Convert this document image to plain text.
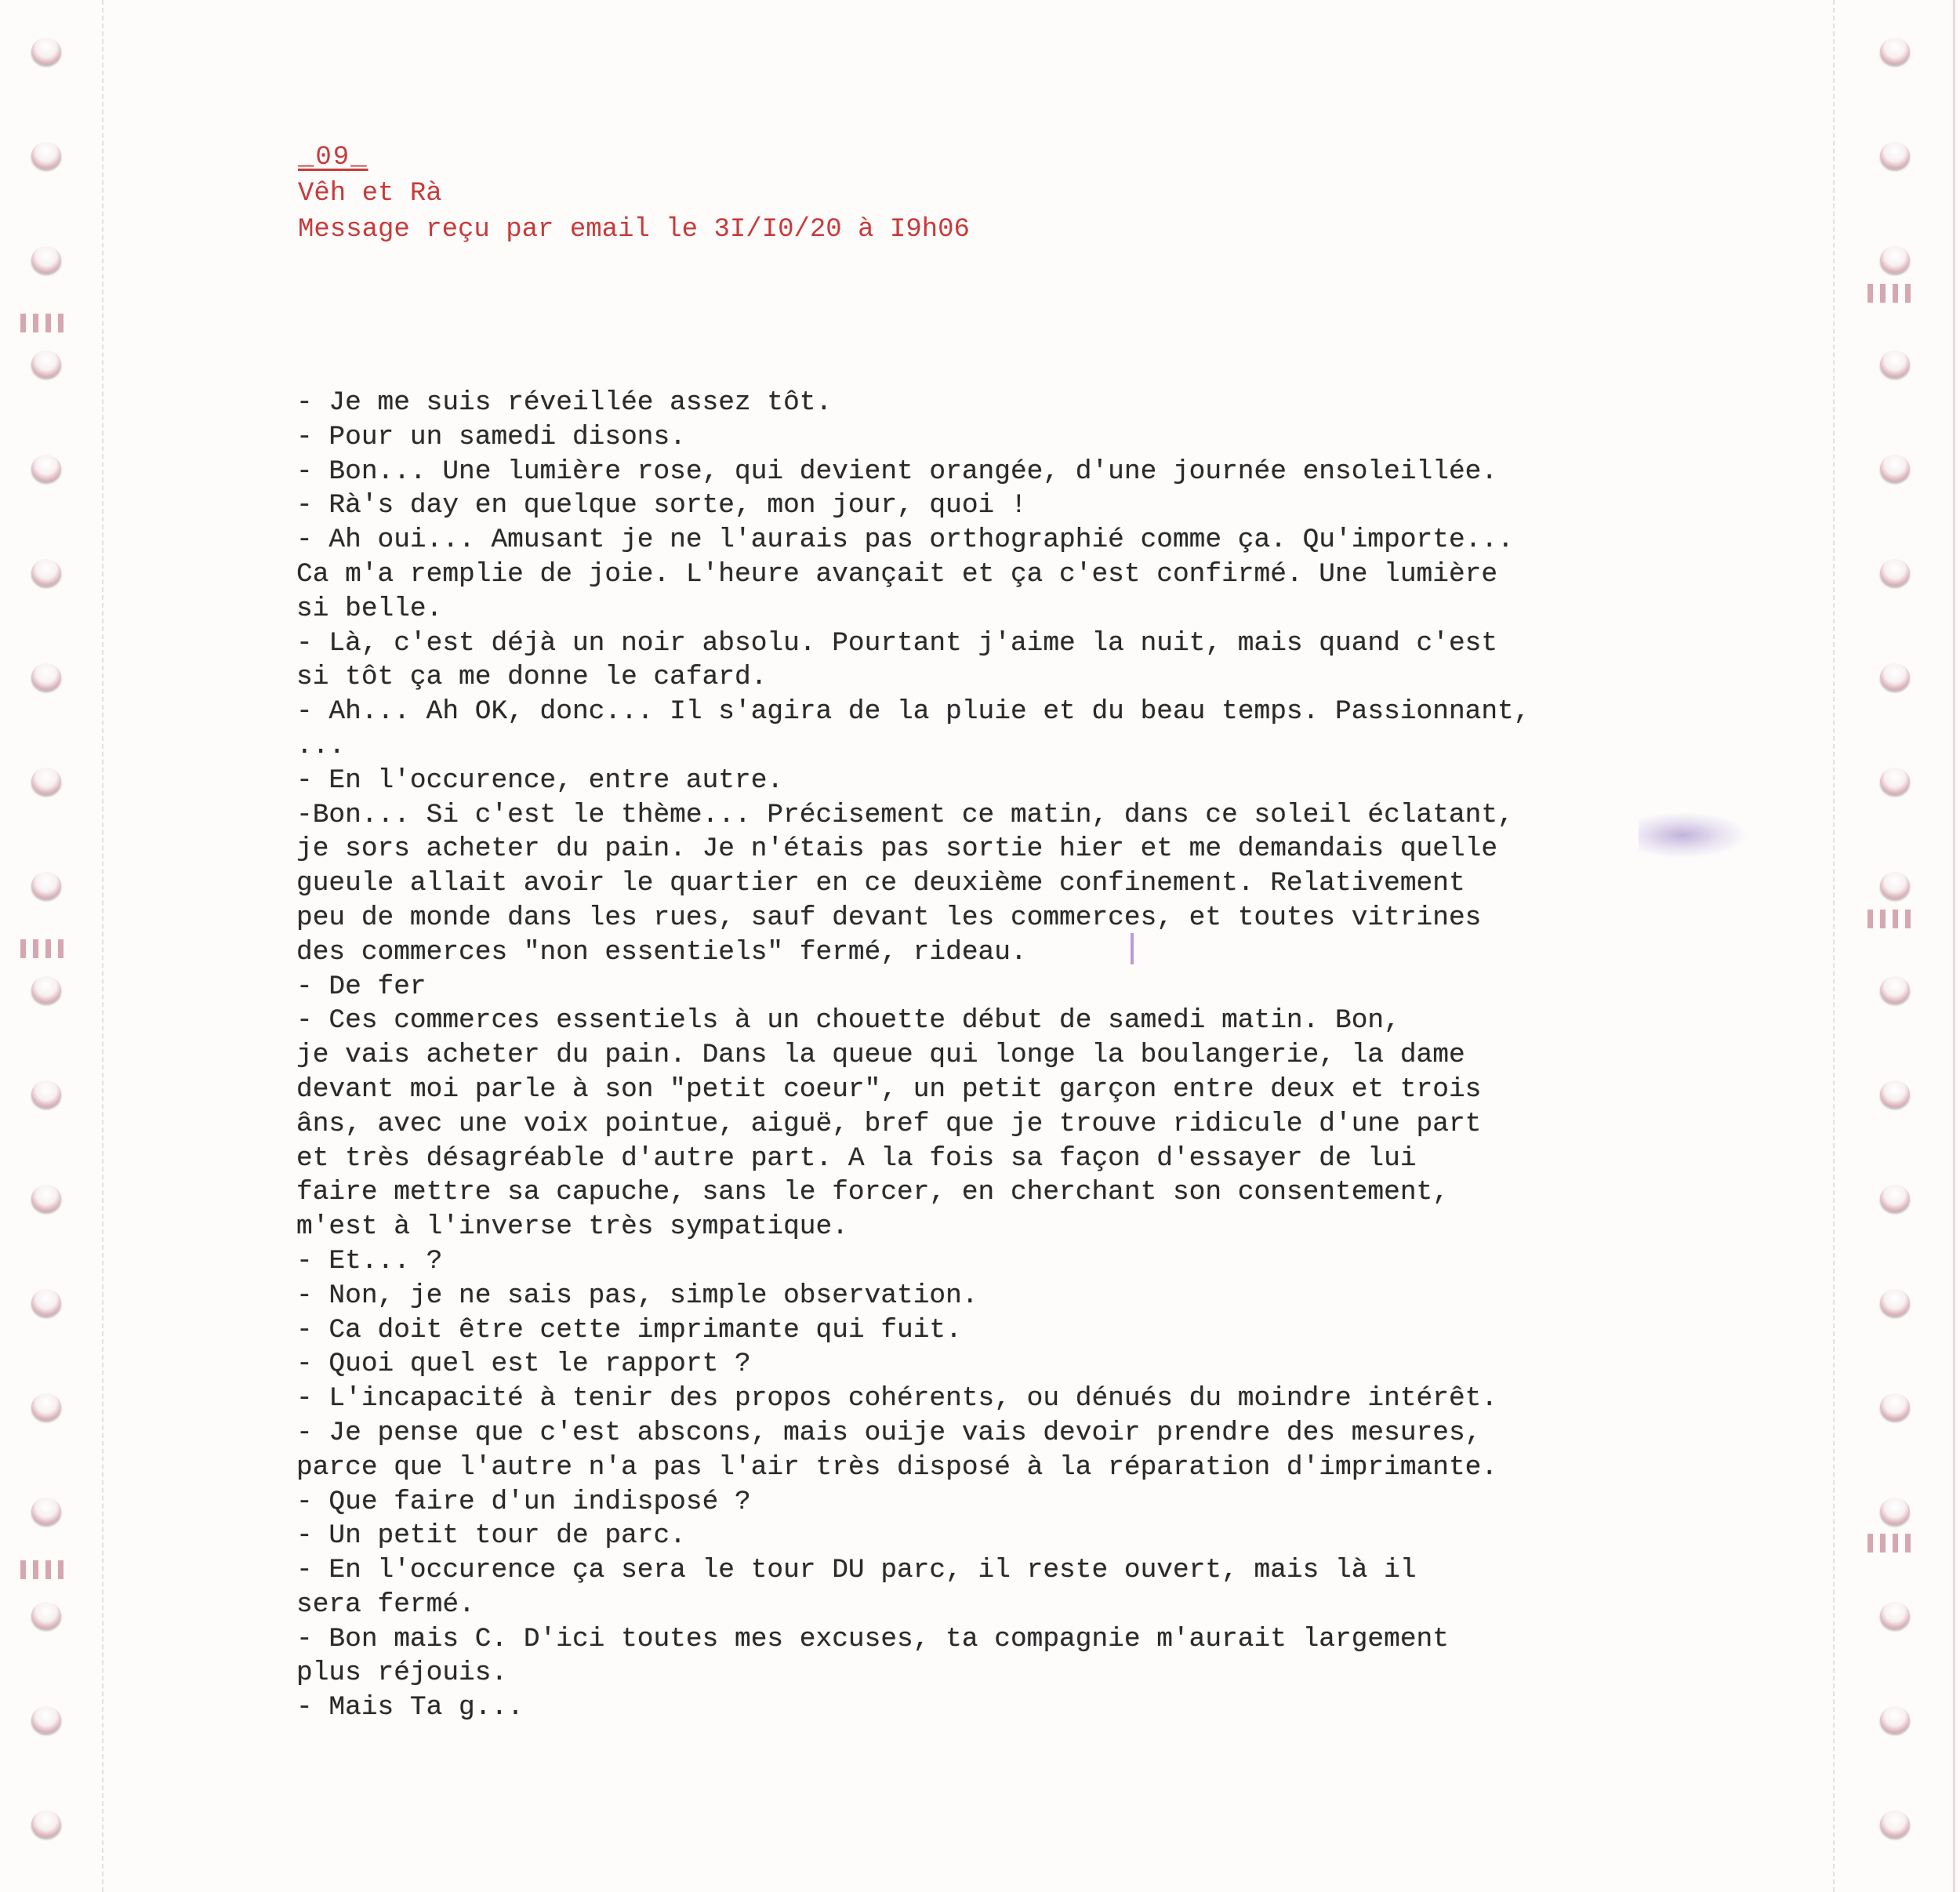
_09_
Vêh et Rà
Message reçu par email le 3I/I0/20 à I9h06
- Je me suis réveillée assez tôt.
- Pour un samedi disons.
- Bon... Une lumière rose, qui devient orangée, d'une journée ensoleillée.
- Rà's day en quelque sorte, mon jour, quoi !
- Ah oui... Amusant je ne l'aurais pas orthographié comme ça. Qu'importe...
Ca m'a remplie de joie. L'heure avançait et ça c'est confirmé. Une lumière
si belle.
- Là, c'est déjà un noir absolu. Pourtant j'aime la nuit, mais quand c'est
si tôt ça me donne le cafard.
- Ah... Ah OK, donc... Il s'agira de la pluie et du beau temps. Passionnant,
...
- En l'occurence, entre autre.
-Bon... Si c'est le thème... Précisement ce matin, dans ce soleil éclatant,
je sors acheter du pain. Je n'étais pas sortie hier et me demandais quelle
gueule allait avoir le quartier en ce deuxième confinement. Relativement
peu de monde dans les rues, sauf devant les commerces, et toutes vitrines
des commerces "non essentiels" fermé, rideau.
- De fer
- Ces commerces essentiels à un chouette début de samedi matin. Bon,
je vais acheter du pain. Dans la queue qui longe la boulangerie, la dame
devant moi parle à son "petit coeur", un petit garçon entre deux et trois
âns, avec une voix pointue, aiguë, bref que je trouve ridicule d'une part
et très désagréable d'autre part. A la fois sa façon d'essayer de lui
faire mettre sa capuche, sans le forcer, en cherchant son consentement,
m'est à l'inverse très sympatique.
- Et... ?
- Non, je ne sais pas, simple observation.
- Ca doit être cette imprimante qui fuit.
- Quoi quel est le rapport ?
- L'incapacité à tenir des propos cohérents, ou dénués du moindre intérêt.
- Je pense que c'est abscons, mais ouije vais devoir prendre des mesures,
parce que l'autre n'a pas l'air très disposé à la réparation d'imprimante.
- Que faire d'un indisposé ?
- Un petit tour de parc.
- En l'occurence ça sera le tour DU parc, il reste ouvert, mais là il
sera fermé.
- Bon mais C. D'ici toutes mes excuses, ta compagnie m'aurait largement
plus réjouis.
- Mais Ta g...
